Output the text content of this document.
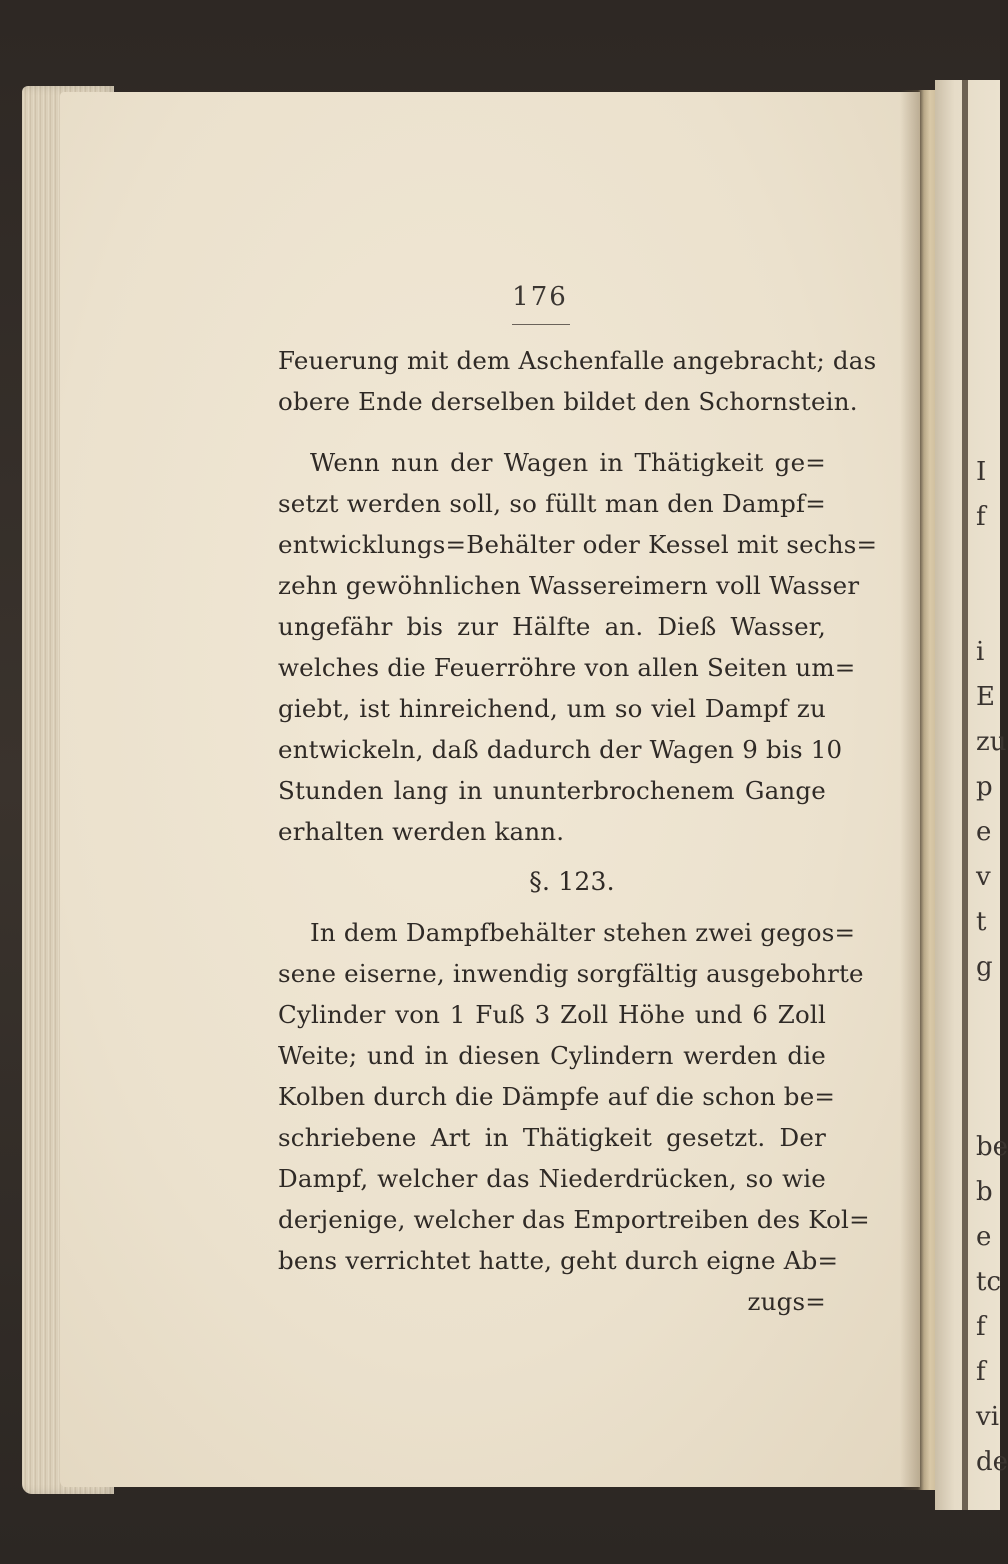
I
f

i
E
zu
p
e
v
t
g

be
b
e
tc
f
f
vi
de
176
Feuerung mit dem Aschenfalle angebracht; das
obere Ende derselben bildet den Schornstein.
Wenn nun der Wagen in Thätigkeit ge=
setzt werden soll, so füllt man den Dampf=
entwicklungs=Behälter oder Kessel mit sechs=
zehn gewöhnlichen Wassereimern voll Wasser
ungefähr bis zur Hälfte an. Dieß Wasser,
welches die Feuerröhre von allen Seiten um=
giebt, ist hinreichend, um so viel Dampf zu
entwickeln, daß dadurch der Wagen 9 bis 10
Stunden lang in ununterbrochenem Gange
erhalten werden kann.
§. 123.
In dem Dampfbehälter stehen zwei gegos=
sene eiserne, inwendig sorgfältig ausgebohrte
Cylinder von 1 Fuß 3 Zoll Höhe und 6 Zoll
Weite; und in diesen Cylindern werden die
Kolben durch die Dämpfe auf die schon be=
schriebene Art in Thätigkeit gesetzt. Der
Dampf, welcher das Niederdrücken, so wie
derjenige, welcher das Emportreiben des Kol=
bens verrichtet hatte, geht durch eigne Ab=
zugs=
